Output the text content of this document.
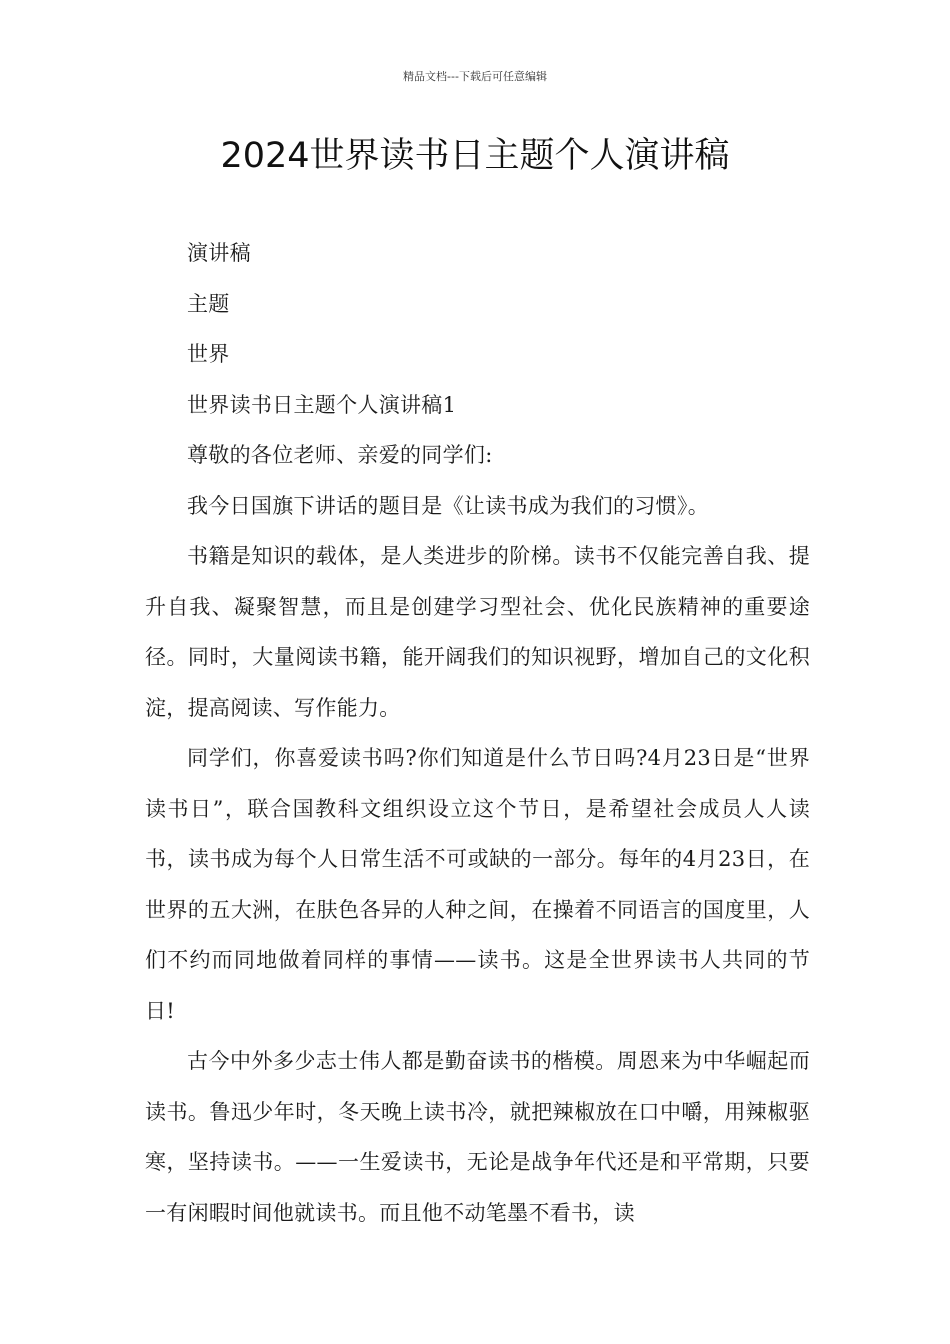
精品文档---下载后可任意编辑
2024世界读书日主题个人演讲稿

演讲稿

主题

世界

世界读书日主题个人演讲稿1

尊敬的各位老师、亲爱的同学们:

我今日国旗下讲话的题目是《让读书成为我们的习惯》。

书籍是知识的载体，是人类进步的阶梯。读书不仅能完善自我、提升自我、凝聚智慧，而且是创建学习型社会、优化民族精神的重要途径。同时，大量阅读书籍，能开阔我们的知识视野，增加自己的文化积淀，提高阅读、写作能力。

同学们，你喜爱读书吗?你们知道是什么节日吗?4月23日是“世界读书日”，联合国教科文组织设立这个节日，是希望社会成员人人读书，读书成为每个人日常生活不可或缺的一部分。每年的4月23日，在世界的五大洲，在肤色各异的人种之间，在操着不同语言的国度里，人们不约而同地做着同样的事情——读书。这是全世界读书人共同的节日!

古今中外多少志士伟人都是勤奋读书的楷模。周恩来为中华崛起而读书。鲁迅少年时，冬天晚上读书冷，就把辣椒放在口中嚼，用辣椒驱寒，坚持读书。——一生爱读书，无论是战争年代还是和平常期，只要一有闲暇时间他就读书。而且他不动笔墨不看书，读
